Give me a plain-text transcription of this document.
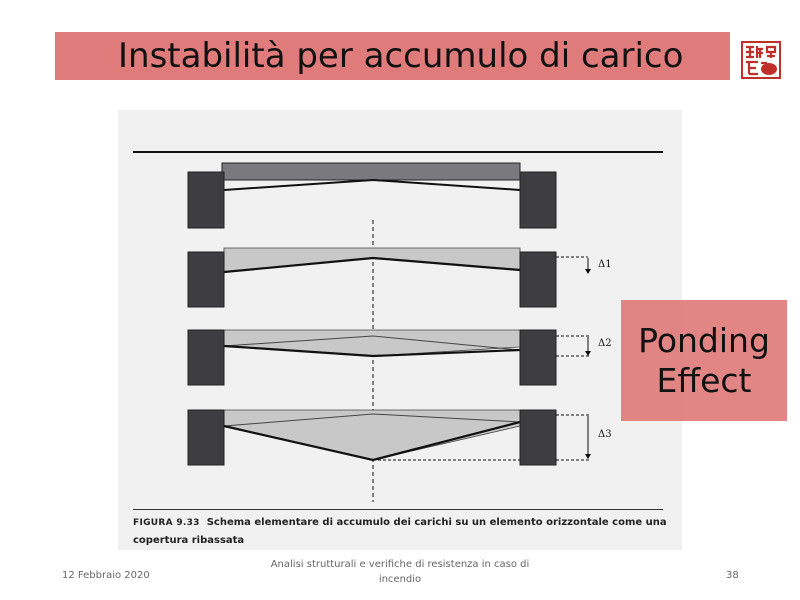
Instabilità per accumulo di carico
Δ1
Δ2
Δ3
FIGURA 9.33 Schema elementare di accumulo dei carichi su un elemento orizzontale come una copertura ribassata
Ponding
Effect
12 Febbraio 2020
Analisi strutturali e verifiche di resistenza in caso di incendio	38
